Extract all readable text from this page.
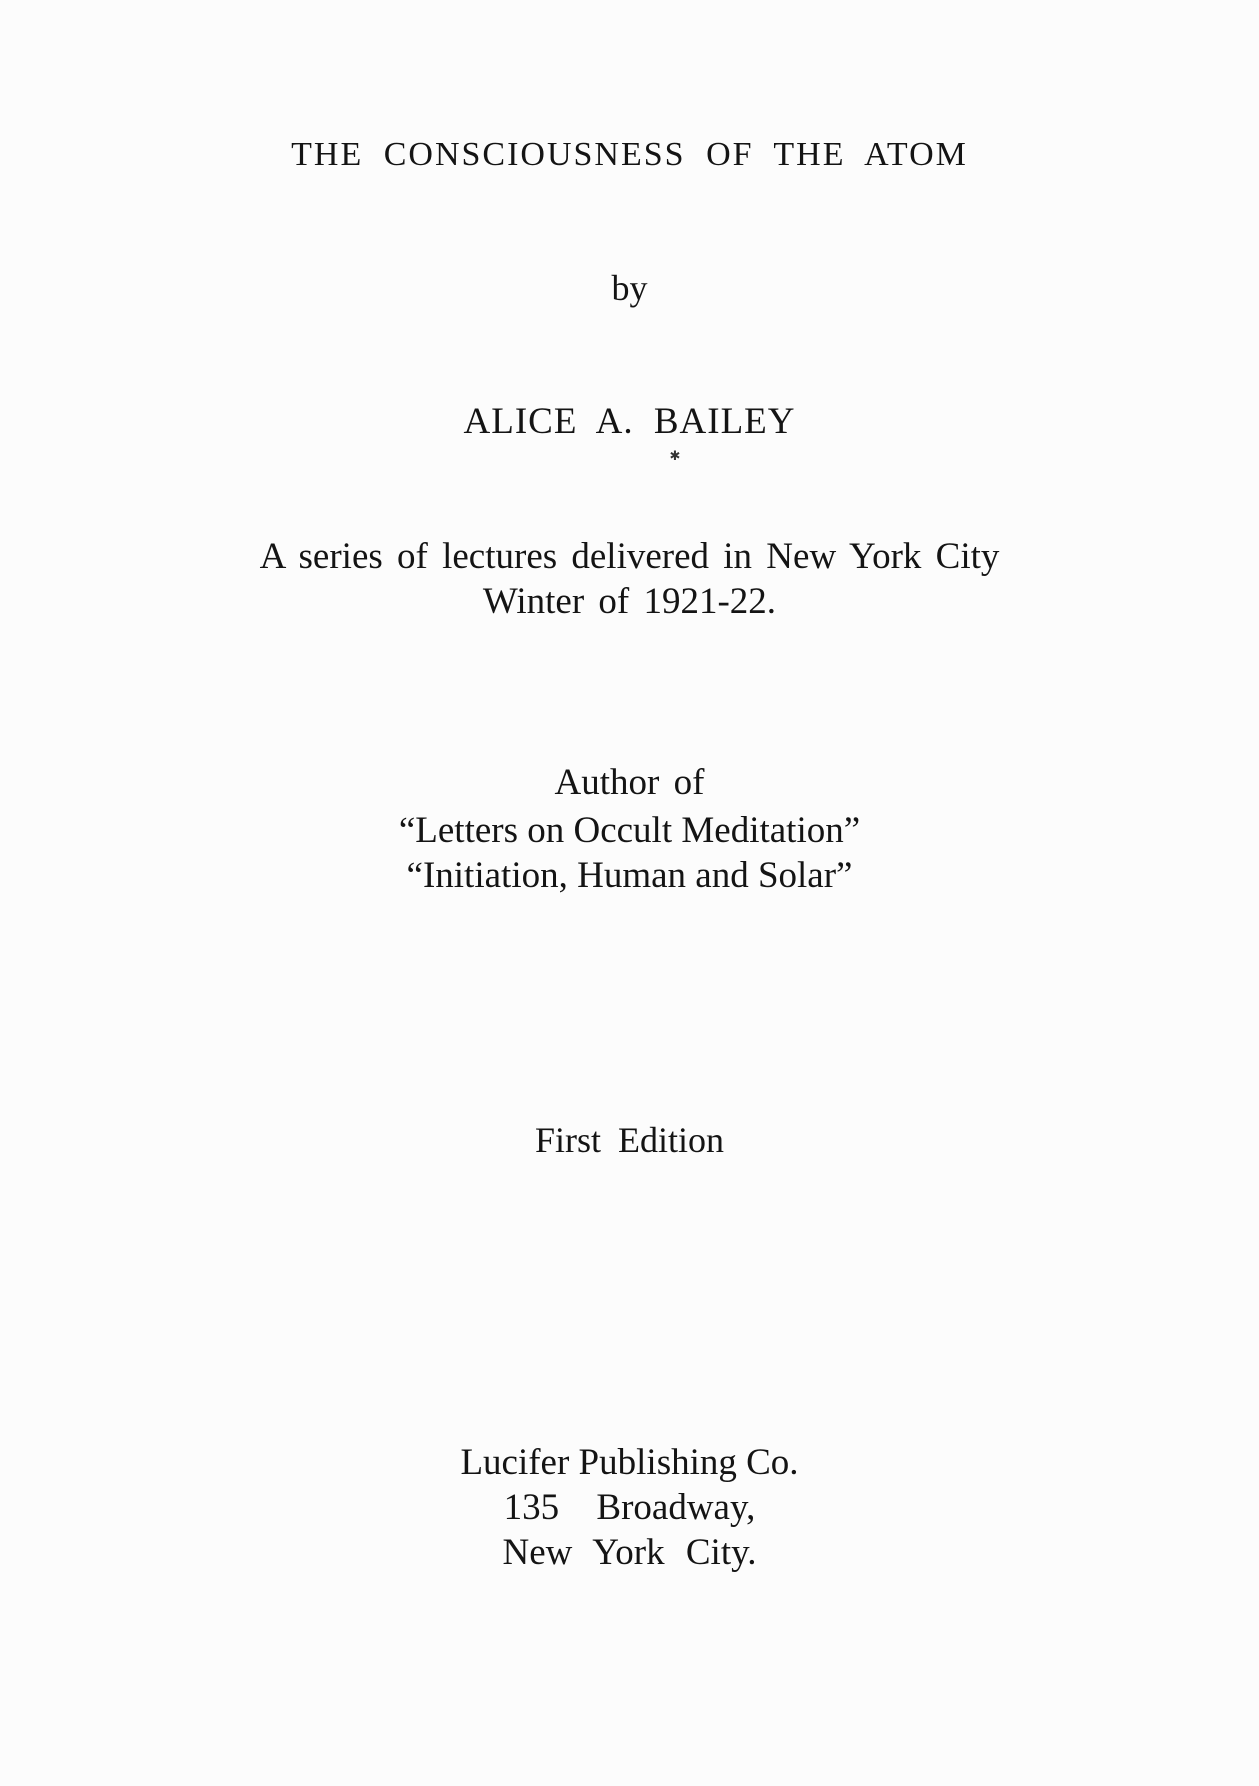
THE CONSCIOUSNESS OF THE ATOM
by
ALICE A. BAILEY
✱
A series of lectures delivered in New York City
Winter of 1921-22.
Author of
“Letters on Occult Meditation”
“Initiation, Human and Solar”
First Edition
Lucifer Publishing Co.
135 Broadway,
New York City.
